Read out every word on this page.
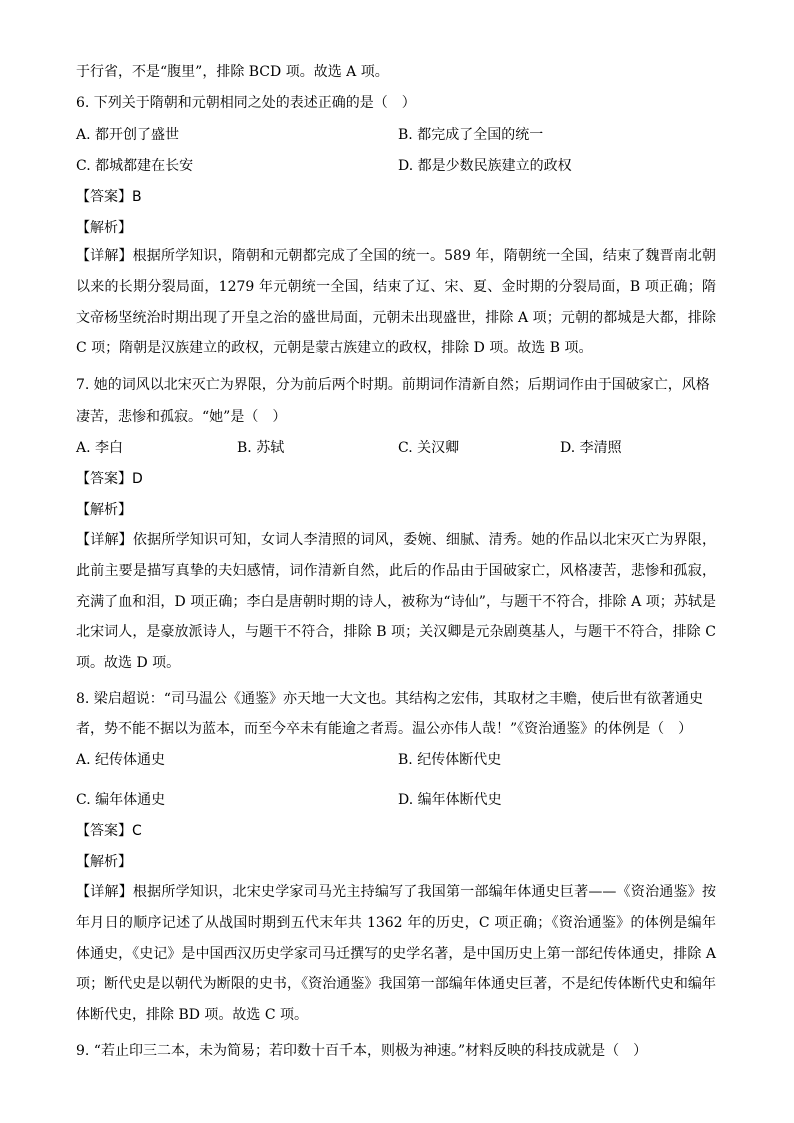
于行省，不是“腹里”，排除 BCD 项。故选 A 项。
6. 下列关于隋朝和元朝相同之处的表述正确的是（　）
A. 都开创了盛世	B. 都完成了全国的统一
C. 都城都建在长安	D. 都是少数民族建立的政权
【答案】B
【解析】
【详解】根据所学知识，隋朝和元朝都完成了全国的统一。589 年，隋朝统一全国，结束了魏晋南北朝以来的长期分裂局面，1279 年元朝统一全国，结束了辽、宋、夏、金时期的分裂局面，B 项正确；隋文帝杨坚统治时期出现了开皇之治的盛世局面，元朝未出现盛世，排除 A 项；元朝的都城是大都，排除 C 项；隋朝是汉族建立的政权，元朝是蒙古族建立的政权，排除 D 项。故选 B 项。
7. 她的词风以北宋灭亡为界限，分为前后两个时期。前期词作清新自然；后期词作由于国破家亡，风格
凄苦，悲惨和孤寂。“她”是（　）
A. 李白	B. 苏轼	C. 关汉卿	D. 李清照
【答案】D
【解析】
【详解】依据所学知识可知，女词人李清照的词风，委婉、细腻、清秀。她的作品以北宋灭亡为界限，此前主要是描写真挚的夫妇感情，词作清新自然，此后的作品由于国破家亡，风格凄苦，悲惨和孤寂，充满了血和泪，D 项正确；李白是唐朝时期的诗人，被称为“诗仙”，与题干不符合，排除 A 项；苏轼是北宋词人，是豪放派诗人，与题干不符合，排除 B 项；关汉卿是元杂剧奠基人，与题干不符合，排除 C 项。故选 D 项。
8. 梁启超说：“司马温公《通鉴》亦天地一大文也。其结构之宏伟，其取材之丰赡，使后世有欲著通史
者，势不能不据以为蓝本，而至今卒未有能逾之者焉。温公亦伟人哉！”《资治通鉴》的体例是（　）
A. 纪传体通史	B. 纪传体断代史
C. 编年体通史	D. 编年体断代史
【答案】C
【解析】
【详解】根据所学知识，北宋史学家司马光主持编写了我国第一部编年体通史巨著——《资治通鉴》按年月日的顺序记述了从战国时期到五代末年共 1362 年的历史，C 项正确；《资治通鉴》的体例是编年体通史，《史记》是中国西汉历史学家司马迁撰写的史学名著，是中国历史上第一部纪传体通史，排除 A 项；断代史是以朝代为断限的史书，《资治通鉴》我国第一部编年体通史巨著，不是纪传体断代史和编年体断代史，排除 BD 项。故选 C 项。
9. “若止印三二本，未为简易；若印数十百千本，则极为神速。”材料反映的科技成就是（　）
